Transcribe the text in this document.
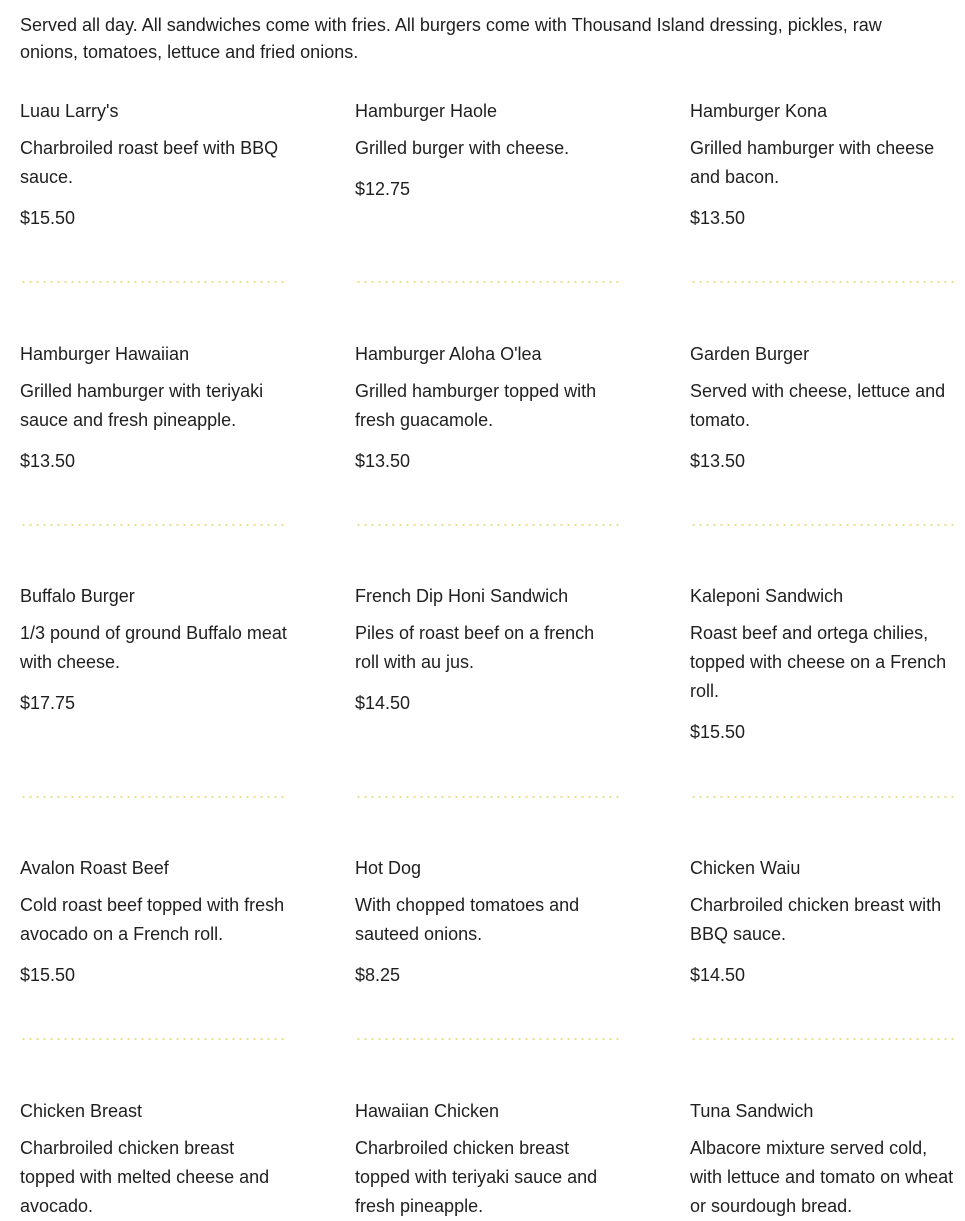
Served all day. All sandwiches come with fries. All burgers come with Thousand Island dressing, pickles, raw onions, tomatoes, lettuce and fried onions.

Luau Larry's

Charbroiled roast beef with BBQ sauce.

$15.50

Hamburger Haole

Grilled burger with cheese.

$12.75

Hamburger Kona

Grilled hamburger with cheese and bacon.

$13.50

Hamburger Hawaiian

Grilled hamburger with teriyaki sauce and fresh pineapple.

$13.50

Hamburger Aloha O'lea

Grilled hamburger topped with fresh guacamole.

$13.50

Garden Burger

Served with cheese, lettuce and tomato.

$13.50

Buffalo Burger

1/3 pound of ground Buffalo meat with cheese.

$17.75

French Dip Honi Sandwich

Piles of roast beef on a french roll with au jus.

$14.50

Kaleponi Sandwich

Roast beef and ortega chilies, topped with cheese on a French roll.

$15.50

Avalon Roast Beef

Cold roast beef topped with fresh avocado on a French roll.

$15.50

Hot Dog

With chopped tomatoes and sauteed onions.

$8.25

Chicken Waiu

Charbroiled chicken breast with BBQ sauce.

$14.50

Chicken Breast

Charbroiled chicken breast topped with melted cheese and avocado.

Hawaiian Chicken

Charbroiled chicken breast topped with teriyaki sauce and fresh pineapple.

Tuna Sandwich

Albacore mixture served cold, with lettuce and tomato on wheat or sourdough bread.
